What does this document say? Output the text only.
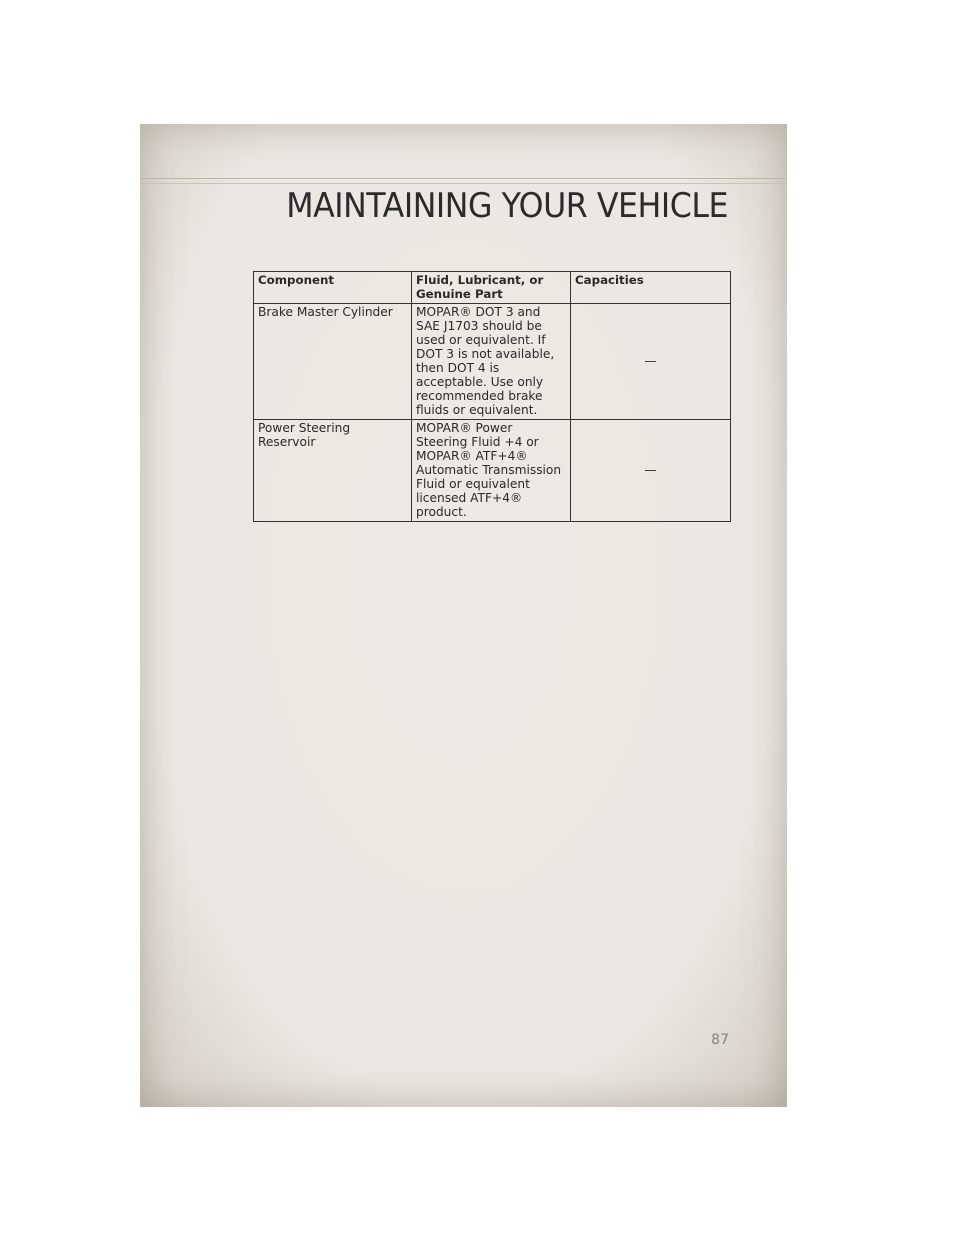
MAINTAINING YOUR VEHICLE
Component	Fluid, Lubricant, or Genuine Part	Capacities
Brake Master Cylinder	MOPAR® DOT 3 and SAE J1703 should be used or equivalent. If DOT 3 is not available, then DOT 4 is acceptable. Use only recommended brake fluids or equivalent.	—
Power Steering Reservoir	MOPAR® Power Steering Fluid +4 or MOPAR® ATF+4® Automatic Transmission Fluid or equivalent licensed ATF+4® product.	—
87
